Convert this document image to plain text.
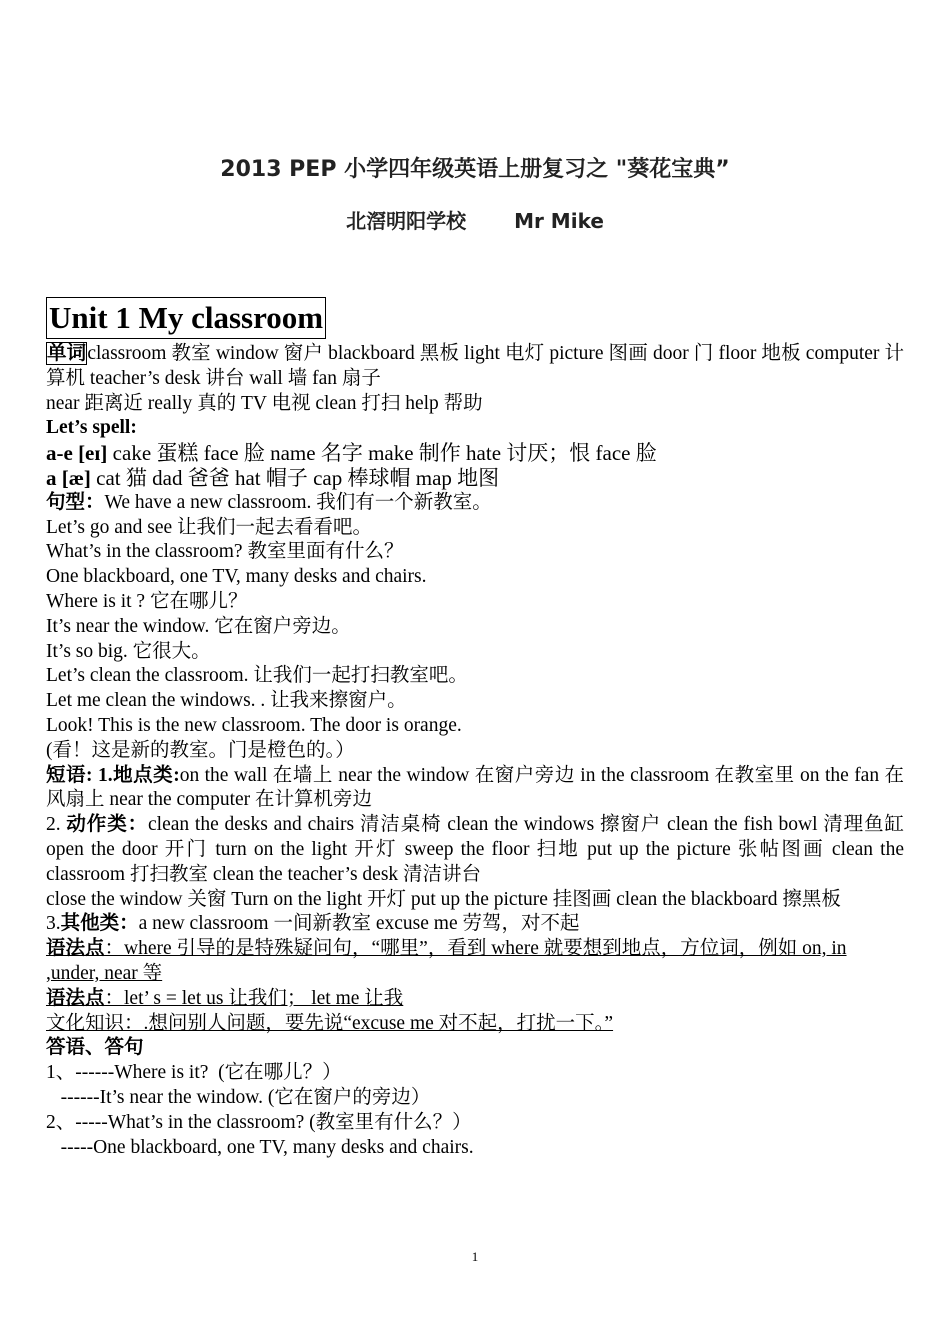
2013 PEP 小学四年级英语上册复习之 "葵花宝典”
北滘明阳学校 Mr Mike
Unit 1 My classroom

单词classroom 教室 window 窗户 blackboard 黑板 light 电灯 picture 图画 door 门 floor 地板 computer 计算机 teacher’s desk 讲台 wall 墙 fan 扇子

near 距离近 really 真的 TV 电视 clean 打扫 help 帮助

Let’s spell:

a-e [eɪ] cake 蛋糕 face 脸 name 名字 make 制作 hate 讨厌；恨 face 脸

a [æ] cat 猫 dad 爸爸 hat 帽子 cap 棒球帽 map 地图

句型：We have a new classroom. 我们有一个新教室。

Let’s go and see 让我们一起去看看吧。

What’s in the classroom? 教室里面有什么？

One blackboard, one TV, many desks and chairs.

Where is it ? 它在哪儿？

It’s near the window. 它在窗户旁边。

It’s so big. 它很大。

Let’s clean the classroom. 让我们一起打扫教室吧。

Let me clean the windows. . 让我来擦窗户。

Look! This is the new classroom. The door is orange.

(看！这是新的教室。门是橙色的。）

短语: 1.地点类:on the wall 在墙上 near the window 在窗户旁边 in the classroom 在教室里 on the fan 在风扇上 near the computer 在计算机旁边

2. 动作类：clean the desks and chairs 清洁桌椅 clean the windows 擦窗户 clean the fish bowl 清理鱼缸 open the door 开门 turn on the light 开灯 sweep the floor 扫地 put up the picture 张帖图画 clean the classroom 打扫教室 clean the teacher’s desk 清洁讲台

close the window 关窗 Turn on the light 开灯 put up the picture 挂图画 clean the blackboard 擦黑板

3.其他类：a new classroom 一间新教室 excuse me 劳驾，对不起

语法点：where 引导的是特殊疑问句，“哪里”，看到 where 就要想到地点，方位词，例如 on, in ,under, near 等

语法点：let’ s = let us 让我们； let me 让我

文化知识：.想问别人问题，要先说“excuse me 对不起，打扰一下。”

答语、答句

1、------Where is it?  (它在哪儿？）

------It’s near the window. (它在窗户的旁边）

2、-----What’s in the classroom? (教室里有什么？）

-----One blackboard, one TV, many desks and chairs.

1
